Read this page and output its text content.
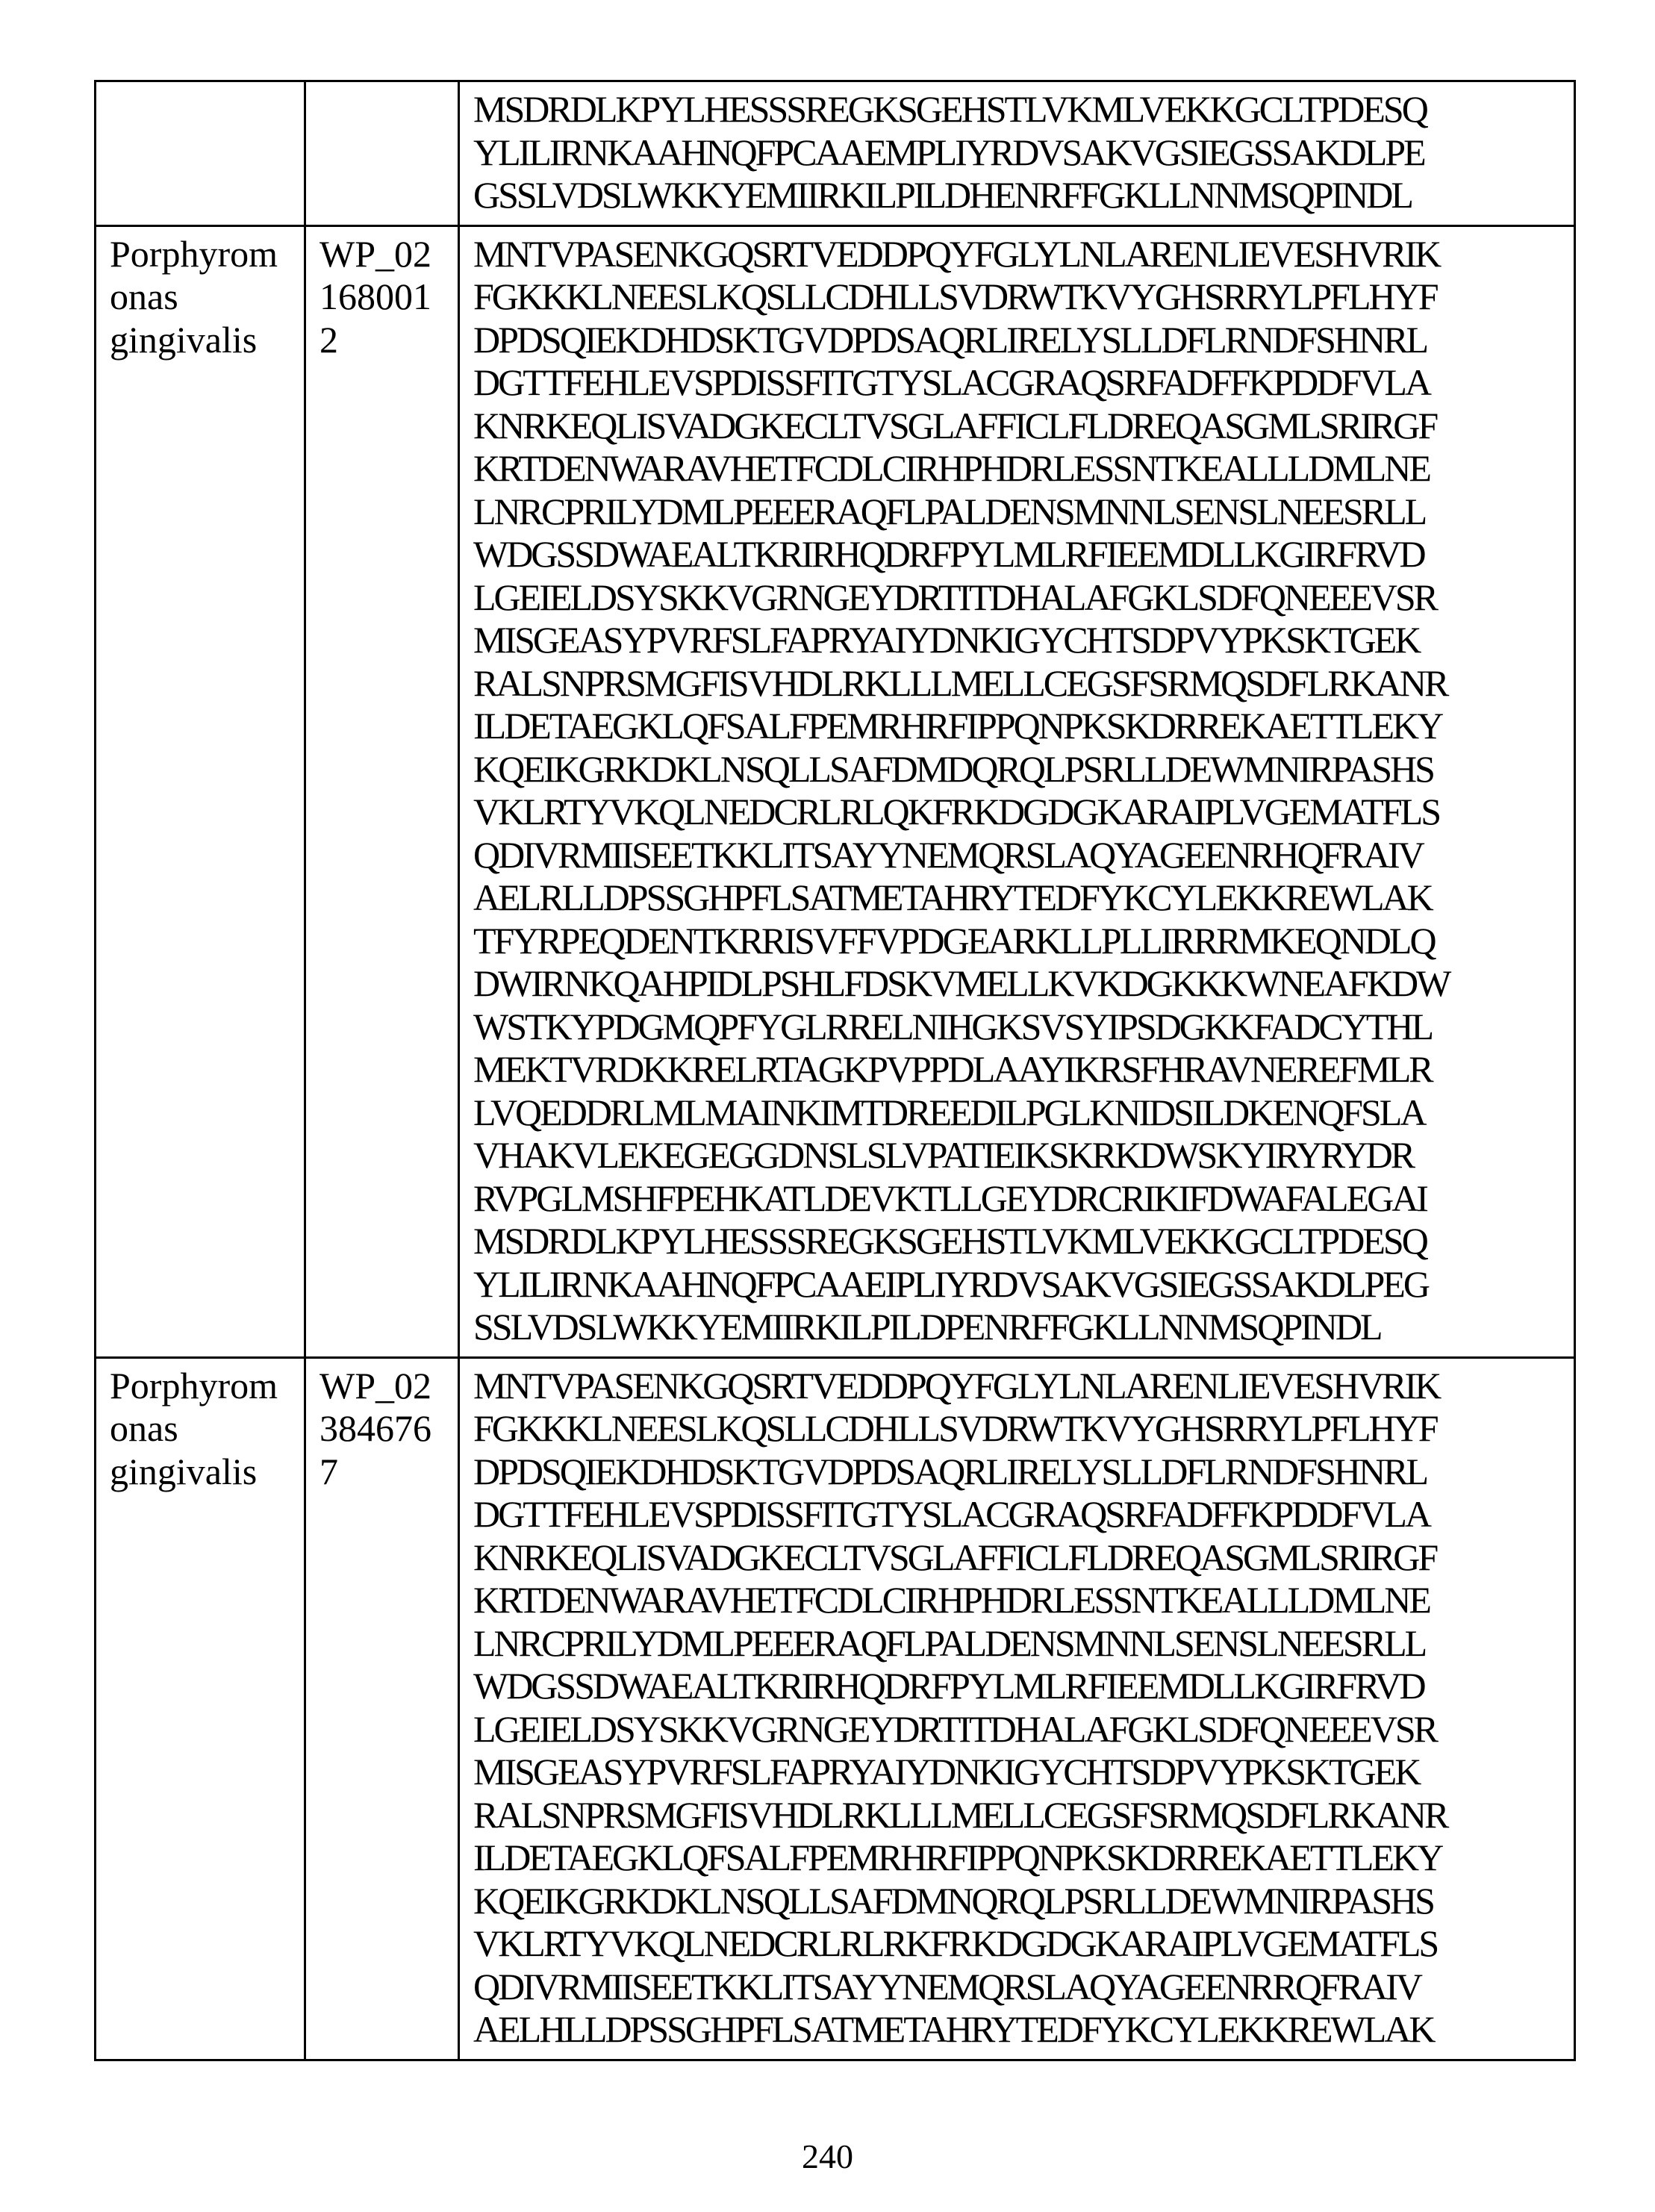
MSDRDLKPYLHESSSREGKSGEHSTLVKMLVEKKGCLTPDESQ
YLILIRNKAAHNQFPCAAEMPLIYRDVSAKVGSIEGSSAKDLPE
GSSLVDSLWKKYEMIIRKILPILDHENRFFGKLLNNMSQPINDL

Porphyrom
onas
gingivalis

WP_02
168001
2

MNTVPASENKGQSRTVEDDPQYFGLYLNLARENLIEVESHVRIK
FGKKKLNEESLKQSLLCDHLLSVDRWTKVYGHSRRYLPFLHYF
DPDSQIEKDHDSKTGVDPDSAQRLIRELYSLLDFLRNDFSHNRL
DGTTFEHLEVSPDISSFITGTYSLACGRAQSRFADFFKPDDFVLA
KNRKEQLISVADGKECLTVSGLAFFICLFLDREQASGMLSRIRGF
KRTDENWARAVHETFCDLCIRHPHDRLESSNTKEALLLDMLNE
LNRCPRILYDMLPEEERAQFLPALDENSMNNLSENSLNEESRLL
WDGSSDWAEALTKRIRHQDRFPYLMLRFIEEMDLLKGIRFRVD
LGEIELDSYSKKVGRNGEYDRTITDHALAFGKLSDFQNEEEVSR
MISGEASYPVRFSLFAPRYAIYDNKIGYCHTSDPVYPKSKTGEK
RALSNPRSMGFISVHDLRKLLLMELLCEGSFSRMQSDFLRKANR
ILDETAEGKLQFSALFPEMRHRFIPPQNPKSKDRREKAETTLEKY
KQEIKGRKDKLNSQLLSAFDMDQRQLPSRLLDEWMNIRPASHS
VKLRTYVKQLNEDCRLRLQKFRKDGDGKARAIPLVGEMATFLS
QDIVRMIISEETKKLITSAYYNEMQRSLAQYAGEENRHQFRAIV
AELRLLDPSSGHPFLSATMETAHRYTEDFYKCYLEKKREWLAK
TFYRPEQDENTKRRISVFFVPDGEARKLLPLLIRRRMKEQNDLQ
DWIRNKQAHPIDLPSHLFDSKVMELLKVKDGKKKWNEAFKDW
WSTKYPDGMQPFYGLRRELNIHGKSVSYIPSDGKKFADCYTHL
MEKTVRDKKRELRTAGKPVPPDLAAYIKRSFHRAVNEREFMLR
LVQEDDRLMLMAINKIMTDREEDILPGLKNIDSILDKENQFSLA
VHAKVLEKEGEGGDNSLSLVPATIEIKSKRKDWSKYIRYRYDR
RVPGLMSHFPEHKATLDEVKTLLGEYDRCRIKIFDWAFALEGAI
MSDRDLKPYLHESSSREGKSGEHSTLVKMLVEKKGCLTPDESQ
YLILIRNKAAHNQFPCAAEIPLIYRDVSAKVGSIEGSSAKDLPEG
SSLVDSLWKKYEMIIRKILPILDPENRFFGKLLNNMSQPINDL

Porphyrom
onas
gingivalis

WP_02
384676
7

MNTVPASENKGQSRTVEDDPQYFGLYLNLARENLIEVESHVRIK
FGKKKLNEESLKQSLLCDHLLSVDRWTKVYGHSRRYLPFLHYF
DPDSQIEKDHDSKTGVDPDSAQRLIRELYSLLDFLRNDFSHNRL
DGTTFEHLEVSPDISSFITGTYSLACGRAQSRFADFFKPDDFVLA
KNRKEQLISVADGKECLTVSGLAFFICLFLDREQASGMLSRIRGF
KRTDENWARAVHETFCDLCIRHPHDRLESSNTKEALLLDMLNE
LNRCPRILYDMLPEEERAQFLPALDENSMNNLSENSLNEESRLL
WDGSSDWAEALTKRIRHQDRFPYLMLRFIEEMDLLKGIRFRVD
LGEIELDSYSKKVGRNGEYDRTITDHALAFGKLSDFQNEEEVSR
MISGEASYPVRFSLFAPRYAIYDNKIGYCHTSDPVYPKSKTGEK
RALSNPRSMGFISVHDLRKLLLMELLCEGSFSRMQSDFLRKANR
ILDETAEGKLQFSALFPEMRHRFIPPQNPKSKDRREKAETTLEKY
KQEIKGRKDKLNSQLLSAFDMNQRQLPSRLLDEWMNIRPASHS
VKLRTYVKQLNEDCRLRLRKFRKDGDGKARAIPLVGEMATFLS
QDIVRMIISEETKKLITSAYYNEMQRSLAQYAGEENRRQFRAIV
AELHLLDPSSGHPFLSATMETAHRYTEDFYKCYLEKKREWLAK
240
